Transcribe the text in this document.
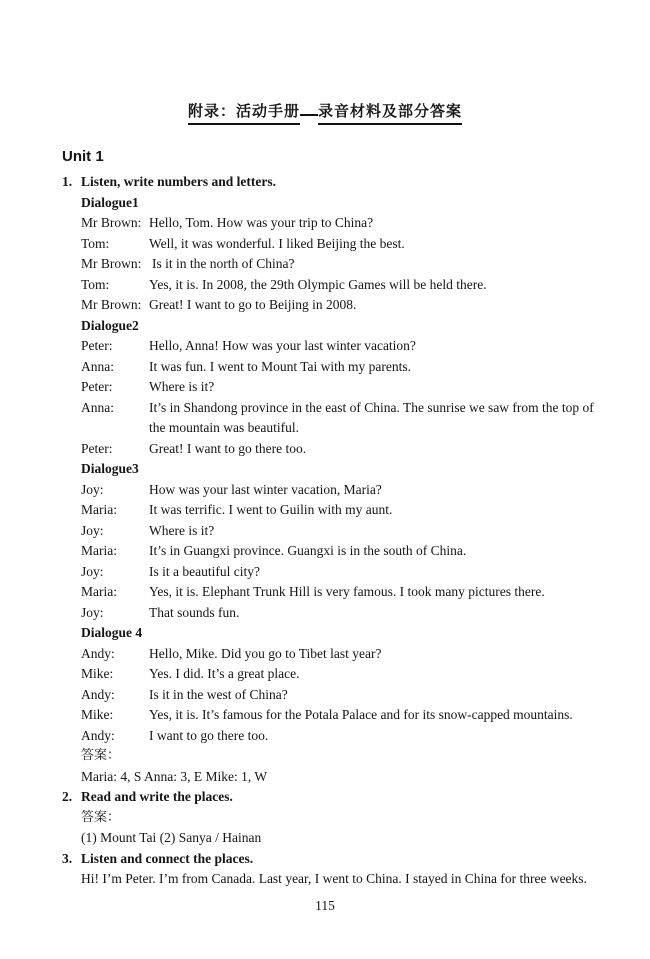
附录：活动手册 录音材料及部分答案
Unit 1
1. Listen, write numbers and letters.
Dialogue1
Mr Brown: Hello, Tom. How was your trip to China?
Tom:	Well, it was wonderful. I liked Beijing the best.
Mr Brown: Is it in the north of China?
Tom:	Yes, it is. In 2008, the 29th Olympic Games will be held there.
Mr Brown: Great! I want to go to Beijing in 2008.
Dialogue2
Peter:	Hello, Anna! How was your last winter vacation?
Anna:	It was fun. I went to Mount Tai with my parents.
Peter:	Where is it?
Anna:	It’s in Shandong province in the east of China. The sunrise we saw from the top of the mountain was beautiful.
Peter:	Great! I want to go there too.
Dialogue3
Joy:	How was your last winter vacation, Maria?
Maria: It was terrific. I went to Guilin with my aunt.
Joy:	Where is it?
Maria: It’s in Guangxi province. Guangxi is in the south of China.
Joy:	Is it a beautiful city?
Maria: Yes, it is. Elephant Trunk Hill is very famous. I took many pictures there.
Joy:	That sounds fun.
Dialogue 4
Andy:	Hello, Mike. Did you go to Tibet last year?
Mike:	Yes. I did. It’s a great place.
Andy:	Is it in the west of China?
Mike:	Yes, it is. It’s famous for the Potala Palace and for its snow-capped mountains.
Andy:	I want to go there too.
答案：
Maria: 4, S Anna: 3, E Mike: 1, W
2. Read and write the places.
答案：
(1) Mount Tai (2) Sanya / Hainan
3. Listen and connect the places.
Hi! I’m Peter. I’m from Canada. Last year, I went to China. I stayed in China for three weeks.
115
